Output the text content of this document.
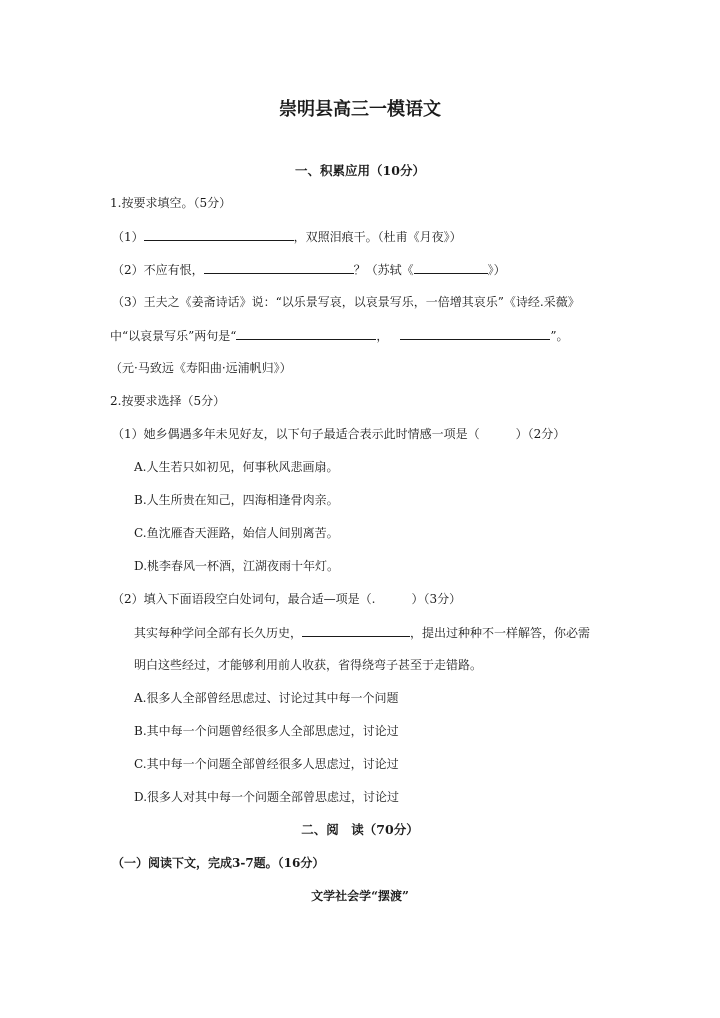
崇明县高三一模语文
一、积累应用（10分）
1.按要求填空。（5分）
（1）	，双照泪痕干。（杜甫《月夜》）
（2）不应有恨，	？（苏轼《	》）
（3）王夫之《姜斋诗话》说：“以乐景写哀，以哀景写乐，一倍增其哀乐”《诗经.采薇》
中“以哀景写乐”两句是“	， 	”。
（元·马致远《寿阳曲·远浦帆归》）
2.按要求选择（5分）
（1）她乡偶遇多年未见好友，以下句子最适合表示此时情感一项是（　　　）（2分）
A.人生若只如初见，何事秋风悲画扇。
B.人生所贵在知己，四海相逢骨肉亲。
C.鱼沈雁杳天涯路，始信人间别离苦。
D.桃李春风一杯酒，江湖夜雨十年灯。
（2）填入下面语段空白处词句，最合适—项是（.　　　）（3分）
其实每种学问全部有长久历史，	，提出过种种不一样解答，你必需
明白这些经过，才能够利用前人收获，省得绕弯子甚至于走错路。
A.很多人全部曾经思虑过、讨论过其中每一个问题
B.其中每一个问题曾经很多人全部思虑过，讨论过
C.其中每一个问题全部曾经很多人思虑过，讨论过
D.很多人对其中每一个问题全部曾思虑过，讨论过
二、阅　读（70分）
（一）阅读下文，完成3-7题。（16分）
文学社会学“摆渡”
